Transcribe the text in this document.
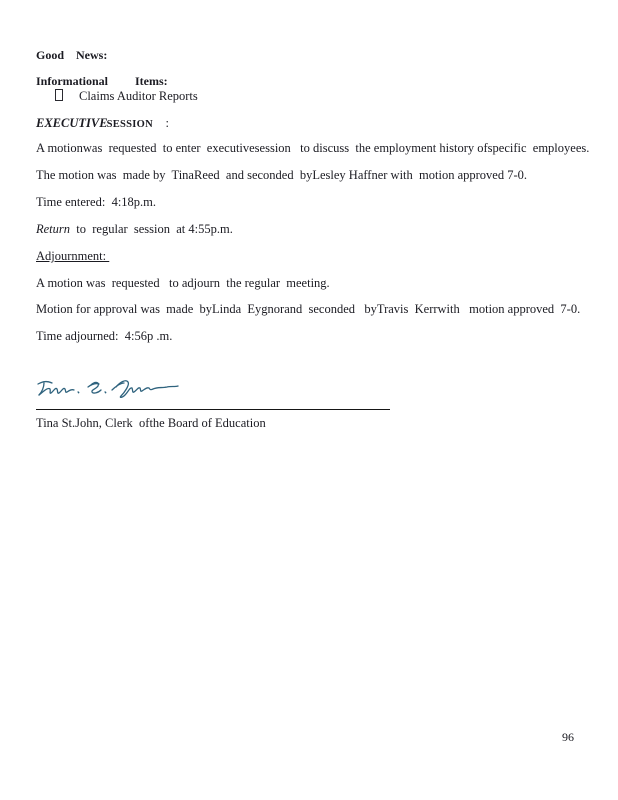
Good    News:
Informational         Items:
Claims Auditor Reports
EXECUTIVESESSION    :
A motionwas  requested  to enter  executivesession   to discuss  the employment history ofspecific  employees.
The motion was  made by  TinaReed  and seconded  byLesley Haffner with  motion approved 7-0.
Time entered:  4:18p.m.
Return  to  regular  session  at 4:55p.m.
Adjournment:
A motion was  requested   to adjourn  the regular  meeting.
Motion for approval was  made  byLinda  Eygnorand  seconded   byTravis  Kerrwith   motion approved  7-0.
Time adjourned:  4:56p .m.
Tina St.John, Clerk  ofthe Board of Education
96
